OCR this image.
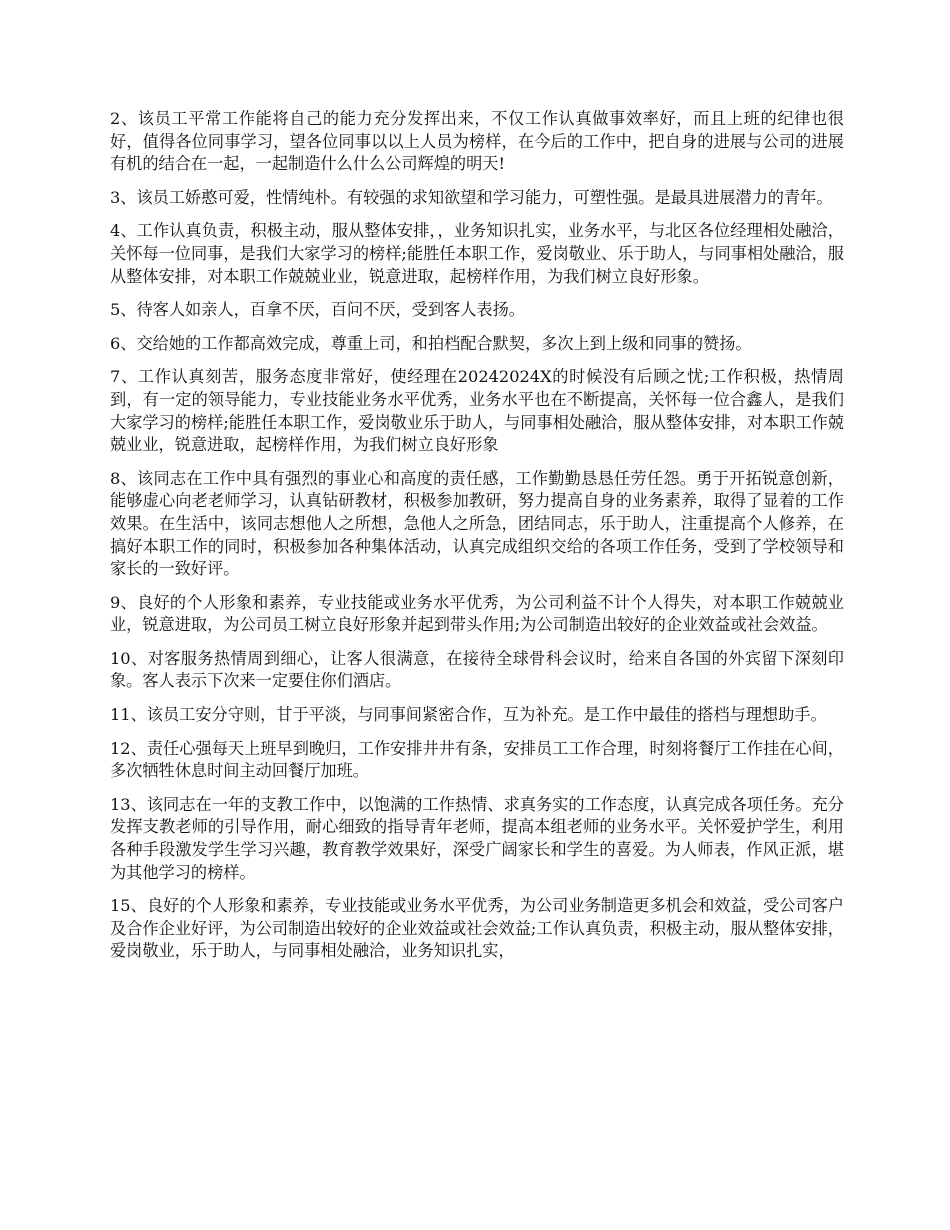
2、该员工平常工作能将自己的能力充分发挥出来，不仅工作认真做事效率好，而且上班的纪律也很好，值得各位同事学习，望各位同事以以上人员为榜样，在今后的工作中，把自身的进展与公司的进展有机的结合在一起，一起制造什么什么公司辉煌的明天!

3、该员工娇憨可爱，性情纯朴。有较强的求知欲望和学习能力，可塑性强。是最具进展潜力的青年。

4、工作认真负责，积极主动，服从整体安排，，业务知识扎实，业务水平，与北区各位经理相处融洽，关怀每一位同事，是我们大家学习的榜样;能胜任本职工作，爱岗敬业、乐于助人，与同事相处融洽，服从整体安排，对本职工作兢兢业业，锐意进取，起榜样作用，为我们树立良好形象。

5、待客人如亲人，百拿不厌，百问不厌，受到客人表扬。

6、交给她的工作都高效完成，尊重上司，和拍档配合默契，多次上到上级和同事的赞扬。

7、工作认真刻苦，服务态度非常好，使经理在20242024X的时候没有后顾之忧;工作积极，热情周到，有一定的领导能力，专业技能业务水平优秀，业务水平也在不断提高，关怀每一位合鑫人，是我们大家学习的榜样;能胜任本职工作，爱岗敬业乐于助人，与同事相处融洽，服从整体安排，对本职工作兢兢业业，锐意进取，起榜样作用，为我们树立良好形象

8、该同志在工作中具有强烈的事业心和高度的责任感，工作勤勤恳恳任劳任怨。勇于开拓锐意创新，能够虚心向老老师学习，认真钻研教材，积极参加教研，努力提高自身的业务素养，取得了显着的工作效果。在生活中，该同志想他人之所想，急他人之所急，团结同志，乐于助人，注重提高个人修养，在搞好本职工作的同时，积极参加各种集体活动，认真完成组织交给的各项工作任务，受到了学校领导和家长的一致好评。

9、良好的个人形象和素养，专业技能或业务水平优秀，为公司利益不计个人得失，对本职工作兢兢业业，锐意进取，为公司员工树立良好形象并起到带头作用;为公司制造出较好的企业效益或社会效益。

10、对客服务热情周到细心，让客人很满意，在接待全球骨科会议时，给来自各国的外宾留下深刻印象。客人表示下次来一定要住你们酒店。

11、该员工安分守则，甘于平淡，与同事间紧密合作，互为补充。是工作中最佳的搭档与理想助手。

12、责任心强每天上班早到晚归，工作安排井井有条，安排员工工作合理，时刻将餐厅工作挂在心间，多次牺牲休息时间主动回餐厅加班。

13、该同志在一年的支教工作中，以饱满的工作热情、求真务实的工作态度，认真完成各项任务。充分发挥支教老师的引导作用，耐心细致的指导青年老师，提高本组老师的业务水平。关怀爱护学生，利用各种手段激发学生学习兴趣，教育教学效果好，深受广阔家长和学生的喜爱。为人师表，作风正派，堪为其他学习的榜样。

15、良好的个人形象和素养，专业技能或业务水平优秀，为公司业务制造更多机会和效益，受公司客户及合作企业好评，为公司制造出较好的企业效益或社会效益;工作认真负责，积极主动，服从整体安排，爱岗敬业，乐于助人，与同事相处融洽，业务知识扎实，
